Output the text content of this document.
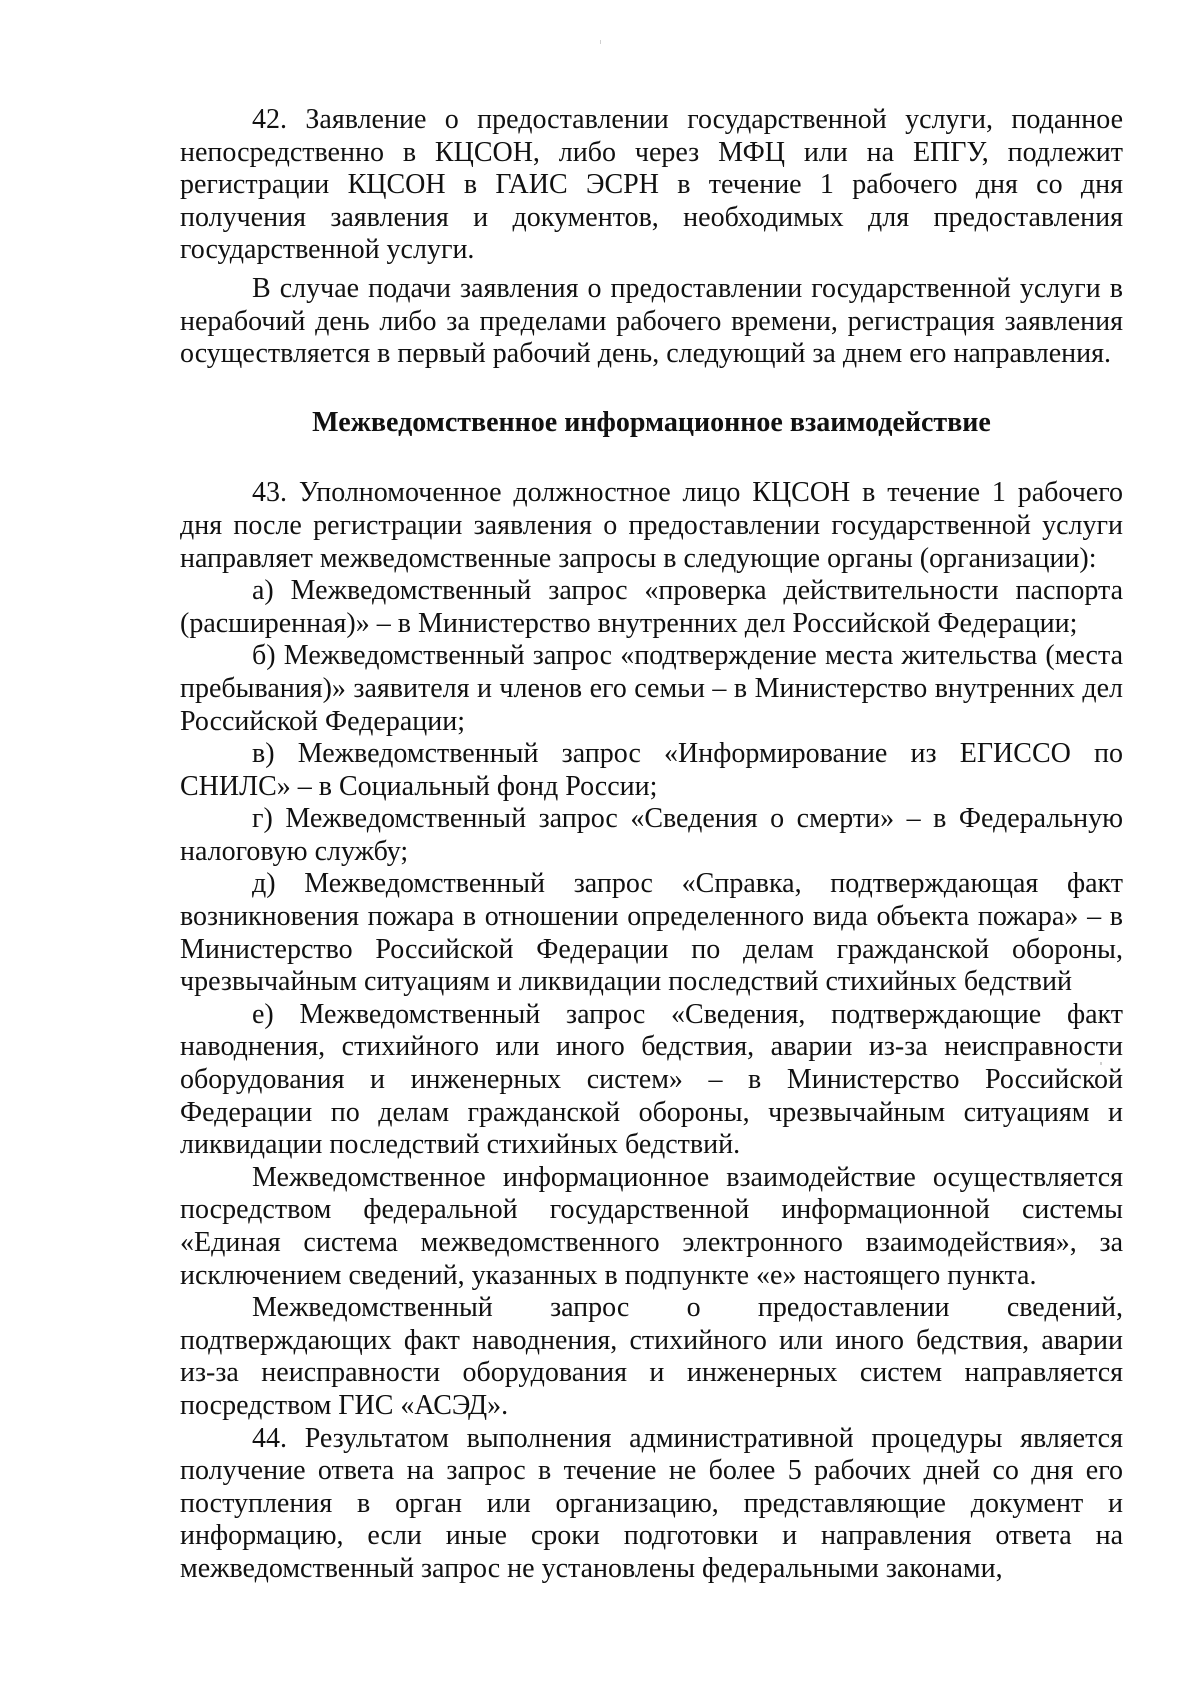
42. Заявление о предоставлении государственной услуги, поданное непосредственно в КЦСОН, либо через МФЦ или на ЕПГУ, подлежит регистрации КЦСОН в ГАИС ЭСРН в течение 1 рабочего дня со дня получения заявления и документов, необходимых для предоставления государственной услуги.

В случае подачи заявления о предоставлении государственной услуги в нерабочий день либо за пределами рабочего времени, регистрация заявления осуществляется в первый рабочий день, следующий за днем его направления.

Межведомственное информационное взаимодействие

43. Уполномоченное должностное лицо КЦСОН в течение 1 рабочего дня после регистрации заявления о предоставлении государственной услуги направляет межведомственные запросы в следующие органы (организации):

а) Межведомственный запрос «проверка действительности паспорта (расширенная)» – в Министерство внутренних дел Российской Федерации;

б) Межведомственный запрос «подтверждение места жительства (места пребывания)» заявителя и членов его семьи – в Министерство внутренних дел Российской Федерации;

в) Межведомственный запрос «Информирование из ЕГИССО по СНИЛС» – в Социальный фонд России;

г) Межведомственный запрос «Сведения о смерти» – в Федеральную налоговую службу;

д) Межведомственный запрос «Справка, подтверждающая факт возникновения пожара в отношении определенного вида объекта пожара» – в Министерство Российской Федерации по делам гражданской обороны, чрезвычайным ситуациям и ликвидации последствий стихийных бедствий

е) Межведомственный запрос «Сведения, подтверждающие факт наводнения, стихийного или иного бедствия, аварии из-за неисправности оборудования и инженерных систем» – в Министерство Российской Федерации по делам гражданской обороны, чрезвычайным ситуациям и ликвидации последствий стихийных бедствий.

Межведомственное информационное взаимодействие осуществляется посредством федеральной государственной информационной системы «Единая система межведомственного электронного взаимодействия», за исключением сведений, указанных в подпункте «е» настоящего пункта.

Межведомственный запрос о предоставлении сведений, подтверждающих факт наводнения, стихийного или иного бедствия, аварии из-за неисправности оборудования и инженерных систем направляется посредством ГИС «АСЭД».

44. Результатом выполнения административной процедуры является получение ответа на запрос в течение не более 5 рабочих дней со дня его поступления в орган или организацию, представляющие документ и информацию, если иные сроки подготовки и направления ответа на межведомственный запрос не установлены федеральными законами,
